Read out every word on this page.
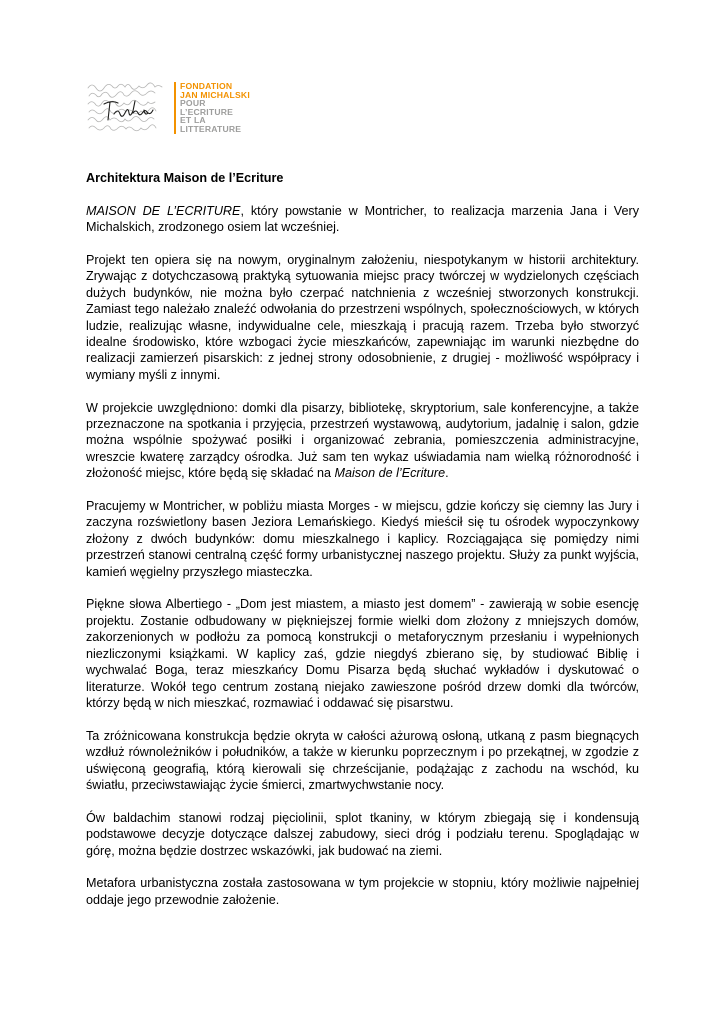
FONDATION
JAN MICHALSKI
POUR
L’ECRITURE
ET LA
LITTERATURE
Architektura Maison de l’Ecriture

MAISON DE L’ECRITURE, który powstanie w Montricher, to realizacja marzenia Jana i Very Michalskich, zrodzonego osiem lat wcześniej.

Projekt ten opiera się na nowym, oryginalnym założeniu, niespotykanym w historii architektury. Zrywając z dotychczasową praktyką sytuowania miejsc pracy twórczej w wydzielonych częściach dużych budynków, nie można było czerpać natchnienia z wcześniej stworzonych konstrukcji. Zamiast tego należało znaleźć odwołania do przestrzeni wspólnych, społecznościowych, w których ludzie, realizując własne, indywidualne cele, mieszkają i pracują razem. Trzeba było stworzyć idealne środowisko, które wzbogaci życie mieszkańców, zapewniając im warunki niezbędne do realizacji zamierzeń pisarskich: z jednej strony odosobnienie, z drugiej - możliwość współpracy i wymiany myśli z innymi.

W projekcie uwzględniono: domki dla pisarzy, bibliotekę, skryptorium, sale konferencyjne, a także przeznaczone na spotkania i przyjęcia, przestrzeń wystawową, audytorium, jadalnię i salon, gdzie można wspólnie spożywać posiłki i organizować zebrania, pomieszczenia administracyjne, wreszcie kwaterę zarządcy ośrodka. Już sam ten wykaz uświadamia nam wielką różnorodność i złożoność miejsc, które będą się składać na Maison de l’Ecriture.

Pracujemy w Montricher, w pobliżu miasta Morges - w miejscu, gdzie kończy się ciemny las Jury i zaczyna rozświetlony basen Jeziora Lemańskiego. Kiedyś mieścił się tu ośrodek wypoczynkowy złożony z dwóch budynków: domu mieszkalnego i kaplicy. Rozciągająca się pomiędzy nimi przestrzeń stanowi centralną część formy urbanistycznej naszego projektu. Służy za punkt wyjścia, kamień węgielny przyszłego miasteczka.

Piękne słowa Albertiego - „Dom jest miastem, a miasto jest domem” - zawierają w sobie esencję projektu. Zostanie odbudowany w piękniejszej formie wielki dom złożony z mniejszych domów, zakorzenionych w podłożu za pomocą konstrukcji o metaforycznym przesłaniu i wypełnionych niezliczonymi książkami. W kaplicy zaś, gdzie niegdyś zbierano się, by studiować Biblię i wychwalać Boga, teraz mieszkańcy Domu Pisarza będą słuchać wykładów i dyskutować o literaturze. Wokół tego centrum zostaną niejako zawieszone pośród drzew domki dla twórców, którzy będą w nich mieszkać, rozmawiać i oddawać się pisarstwu.

Ta zróżnicowana konstrukcja będzie okryta w całości ażurową osłoną, utkaną z pasm biegnących wzdłuż równoleżników i południków, a także w kierunku poprzecznym i po przekątnej, w zgodzie z uświęconą geografią, którą kierowali się chrześcijanie, podążając z zachodu na wschód, ku światłu, przeciwstawiając życie śmierci, zmartwychwstanie nocy.

Ów baldachim stanowi rodzaj pięciolinii, splot tkaniny, w którym zbiegają się i kondensują podstawowe decyzje dotyczące dalszej zabudowy, sieci dróg i podziału terenu. Spoglądając w górę, można będzie dostrzec wskazówki, jak budować na ziemi.

Metafora urbanistyczna została zastosowana w tym projekcie w stopniu, który możliwie najpełniej oddaje jego przewodnie założenie.
